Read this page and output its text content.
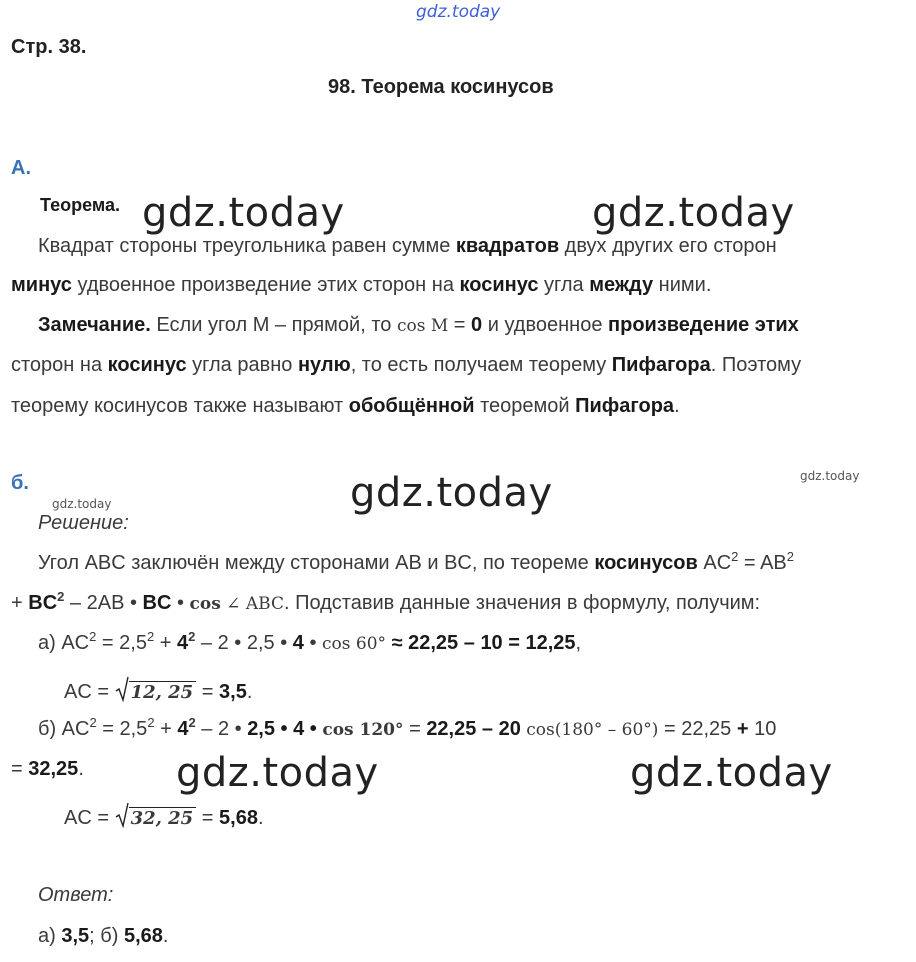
gdz.today
gdz.today	gdz.today
gdz.today	gdz.today
gdz.today
gdz.today	gdz.today
Стр. 38.
98. Теорема косинусов
А.
Теорема.
Квадрат стороны треугольника равен сумме квадратов двух других его сторон
минус удвоенное произведение этих сторон на косинус угла между ними.
Замечание. Если угол M – прямой, то cos M = 0 и удвоенное произведение этих
сторон на косинус угла равно нулю, то есть получаем теорему Пифагора. Поэтому
теорему косинусов также называют обобщённой теоремой Пифагора.
б.
Решение:
Угол ABC заключён между сторонами AB и BC, по теореме косинусов $AC^2 = AB^2$
+ $BC^2 - 2AB$ • BC • cos ∠ ABC. Подставив данные значения в формулу, получим:
а) $AC^2 = 2,5^2 + 4^2 - 2$ • 2,5 • 4 • cos 60° ≈ 22,25 – 10 = 12,25,
AC = 12, 25 = 3,5.
б) $AC^2 = 2,5^2 + 4^2 - 2$ • 2,5 • 4 • cos 120° = 22,25 – 20 cos(180° – 60°) = 22,25 + 10
= 32,25.
AC = 32, 25 = 5,68.
Ответ:
а) 3,5; б) 5,68.
